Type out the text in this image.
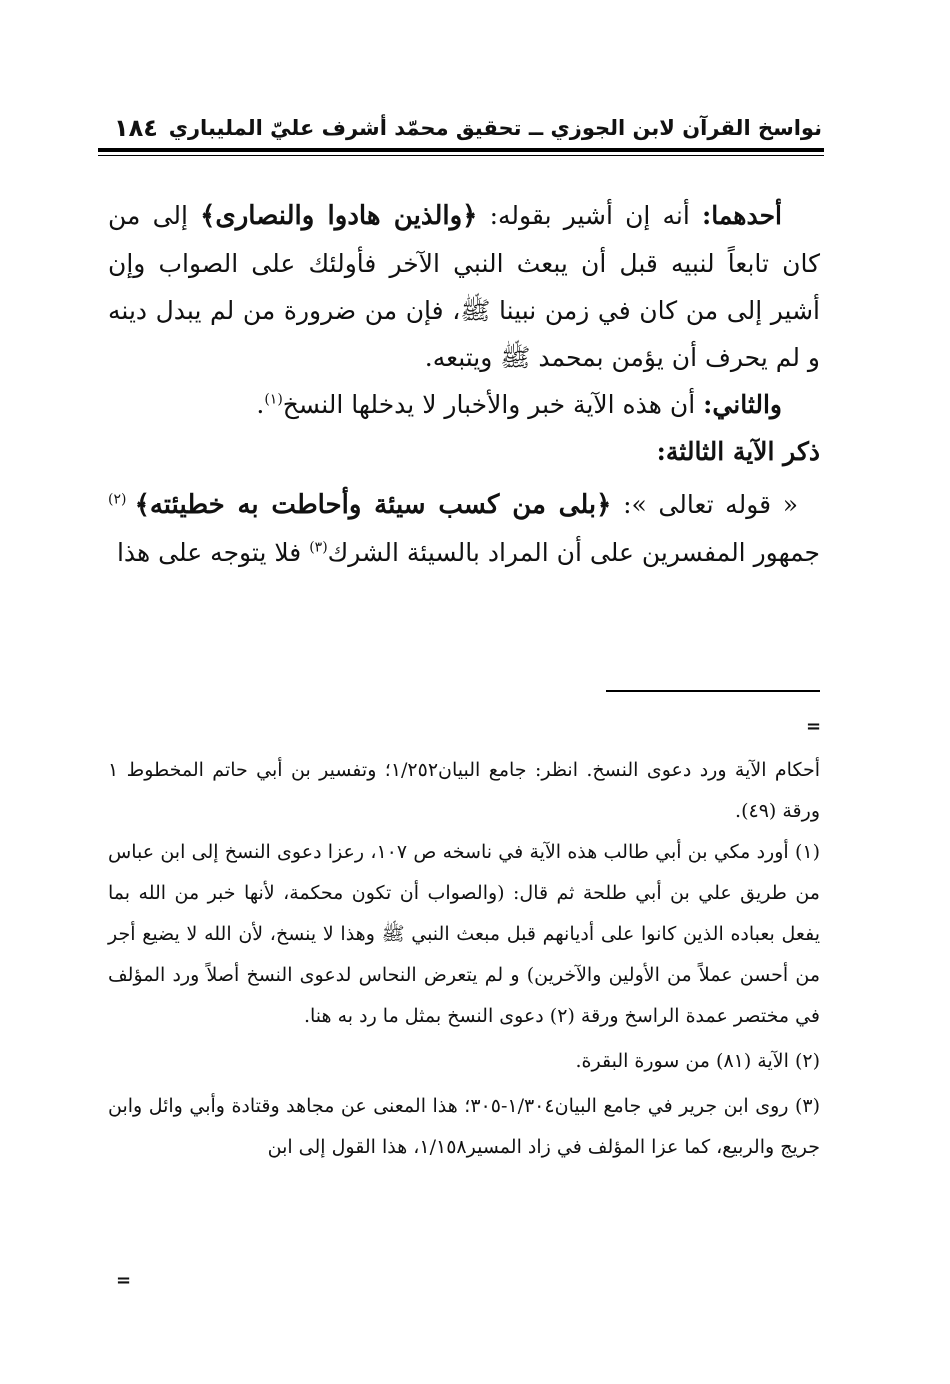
نواسخ القرآن لابن الجوزي ــ تحقيق محمّد أشرف عليّ المليباري
١٨٤

أحدهما: أنه إن أشير بقوله: ﴿والذين هادوا والنصارى﴾ إلى من كان تابعاً لنبيه قبل أن يبعث النبي الآخر فأولئك على الصواب وإن أشير إلى من كان في زمن نبينا ﷺ، فإن من ضرورة من لم يبدل دينه و لم يحرف أن يؤمن بمحمد ﷺ ويتبعه.

والثاني: أن هذه الآية خبر والأخبار لا يدخلها النسخ$^{(١)}$.

ذكر الآية الثالثة:

« قوله تعالى »: ﴿بلى من كسب سيئة وأحاطت به خطيئته﴾ $^{(٢)}$ جمهور المفسرين على أن المراد بالسيئة الشرك$^{(٣)}$ فلا يتوجه على هذا

=

أحكام الآية ورد دعوى النسخ. انظر: جامع البيان١/٢٥٢؛ وتفسير بن أبي حاتم المخطوط ١ ورقة (٤٩).

(١) أورد مكي بن أبي طالب هذه الآية في ناسخه ص ١٠٧، رعزا دعوى النسخ إلى ابن عباس من طريق علي بن أبي طلحة ثم قال: (والصواب أن تكون محكمة، لأنها خبر من الله بما يفعل بعباده الذين كانوا على أديانهم قبل مبعث النبي ﷺ وهذا لا ينسخ، لأن الله لا يضيع أجر من أحسن عملاً من الأولين والآخرين) و لم يتعرض النحاس لدعوى النسخ أصلاً ورد المؤلف في مختصر عمدة الراسخ ورقة (٢) دعوى النسخ بمثل ما رد به هنا.

(٢) الآية (٨١) من سورة البقرة.

(٣) روى ابن جرير في جامع البيان١/٣٠٤-٣٠٥؛ هذا المعنى عن مجاهد وقتادة وأبي وائل وابن جريج والربيع، كما عزا المؤلف في زاد المسير١/١٥٨، هذا القول إلى ابن

=
